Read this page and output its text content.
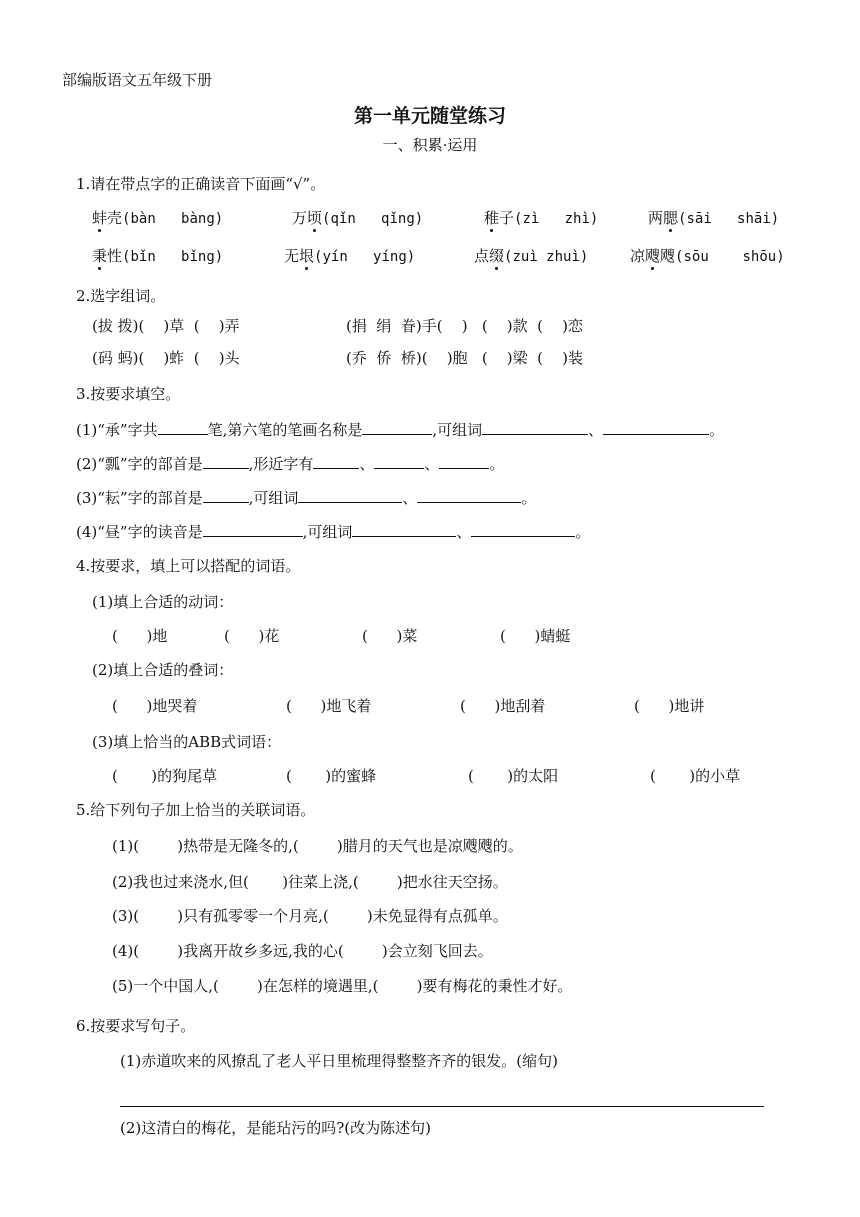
部编版语文五年级下册
第一单元随堂练习
一、积累·运用
1.请在带点字的正确读音下面画“√”。
蚌壳(bàn   bàng)	万顷(qǐn   qǐng)	稚子(zì   zhì)	两腮(sāi   shāi)
秉性(bǐn   bǐng)	无垠(yín   yíng)	点缀(zuì zhuì)	凉飕飕(sōu    shōu)
2.选字组词。
(拔 拨)(    )草  (    )弄	(捐  绢  眷)手(    )   (    )款  (    )恋
(码 蚂)(    )蚱  (    )头	(乔  侨  桥)(    )胞   (    )梁  (    )装
3.按要求填空。
(1)“承”字共	笔,第六笔的笔画名称是	,可组词	、	。
(2)“瓢”字的部首是	,形近字有	、	、	。
(3)“耘”字的部首是	,可组词	、	。
(4)“昼”字的读音是	,可组词	、	。
4.按要求，填上可以搭配的词语。
(1)填上合适的动词：
(      )地	(      )花	(      )菜	(      )蜻蜓
(2)填上合适的叠词：
(      )地哭着	(      )地飞着	(      )地刮着	(      )地讲
(3)填上恰当的ABB式词语：
(       )的狗尾草	(       )的蜜蜂	(       )的太阳	(       )的小草
5.给下列句子加上恰当的关联词语。
(1)(        )热带是无隆冬的,(        )腊月的天气也是凉飕飕的。
(2)我也过来浇水,但(       )往菜上浇,(        )把水往天空扬。
(3)(        )只有孤零零一个月亮,(        )未免显得有点孤单。
(4)(        )我离开故乡多远,我的心(        )会立刻飞回去。
(5)一个中国人,(        )在怎样的境遇里,(        )要有梅花的秉性才好。
6.按要求写句子。
(1)赤道吹来的风撩乱了老人平日里梳理得整整齐齐的银发。(缩句)
(2)这清白的梅花，是能玷污的吗?(改为陈述句)
